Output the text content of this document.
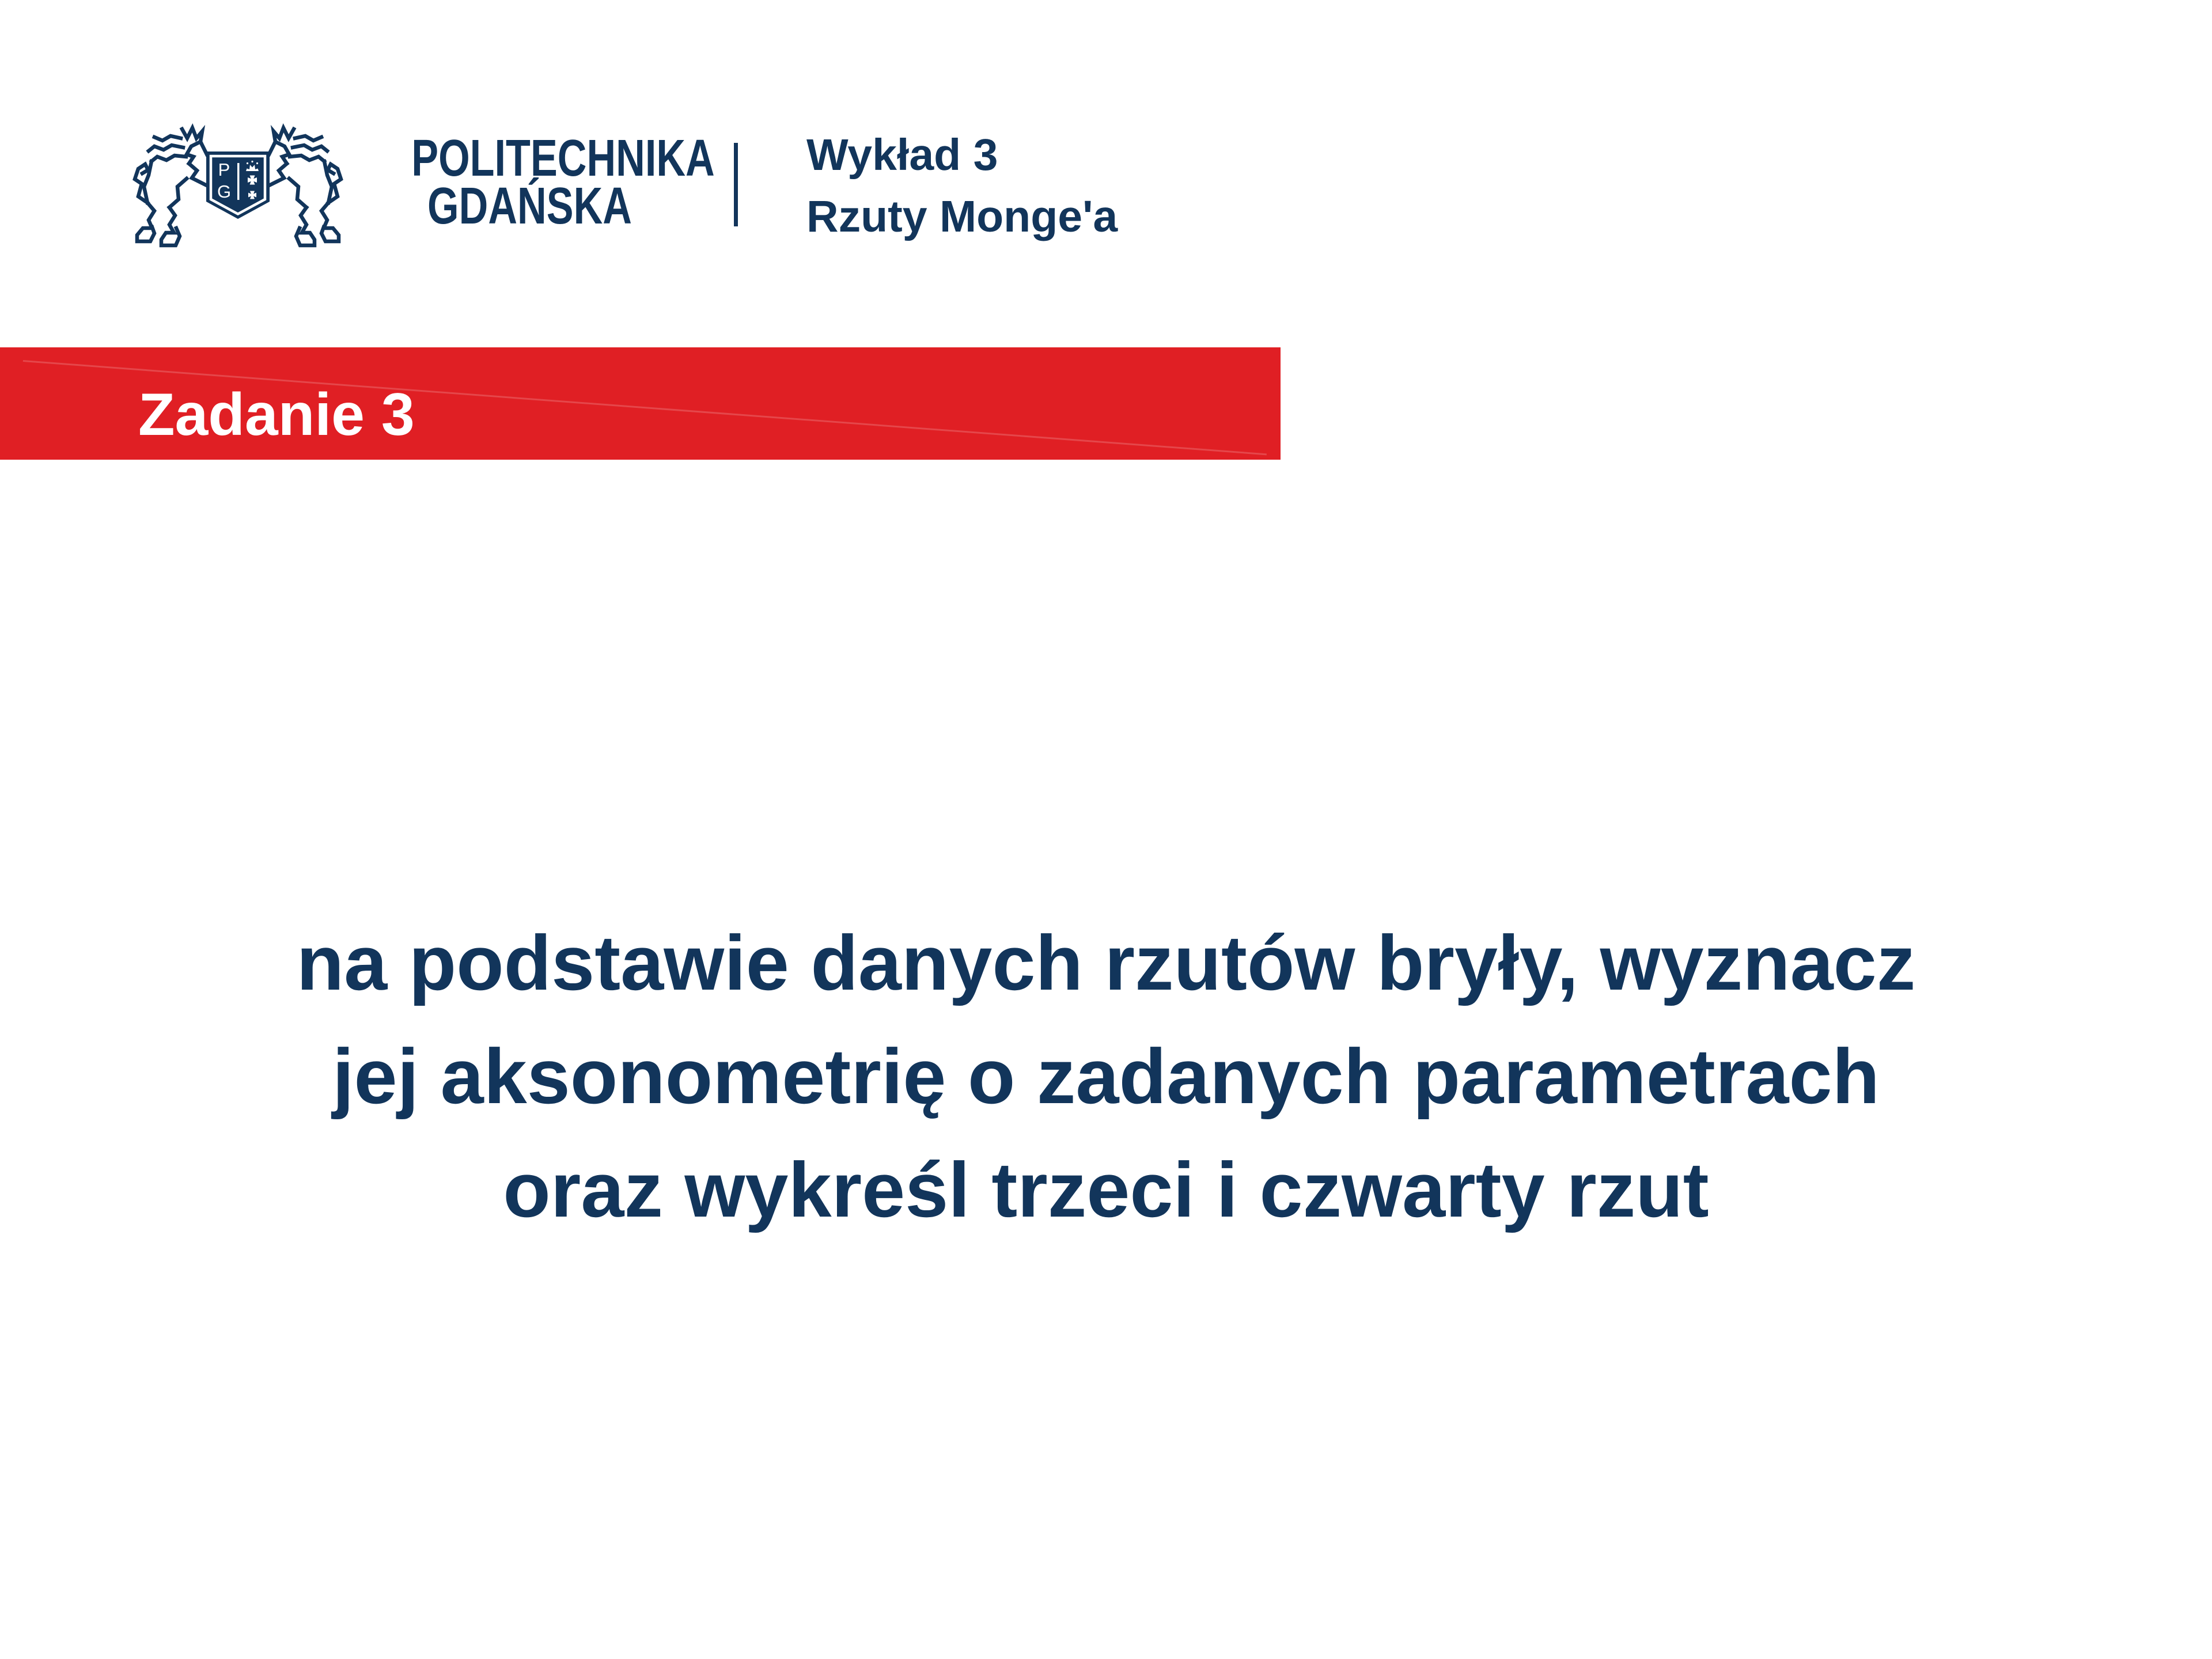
P
G
POLITECHNIKA
GDAŃSKA
Wykład 3
Rzuty Monge'a
Zadanie 3
na podstawie danych rzutów bryły, wyznacz
jej aksonometrię o zadanych parametrach
oraz wykreśl trzeci i czwarty rzut
